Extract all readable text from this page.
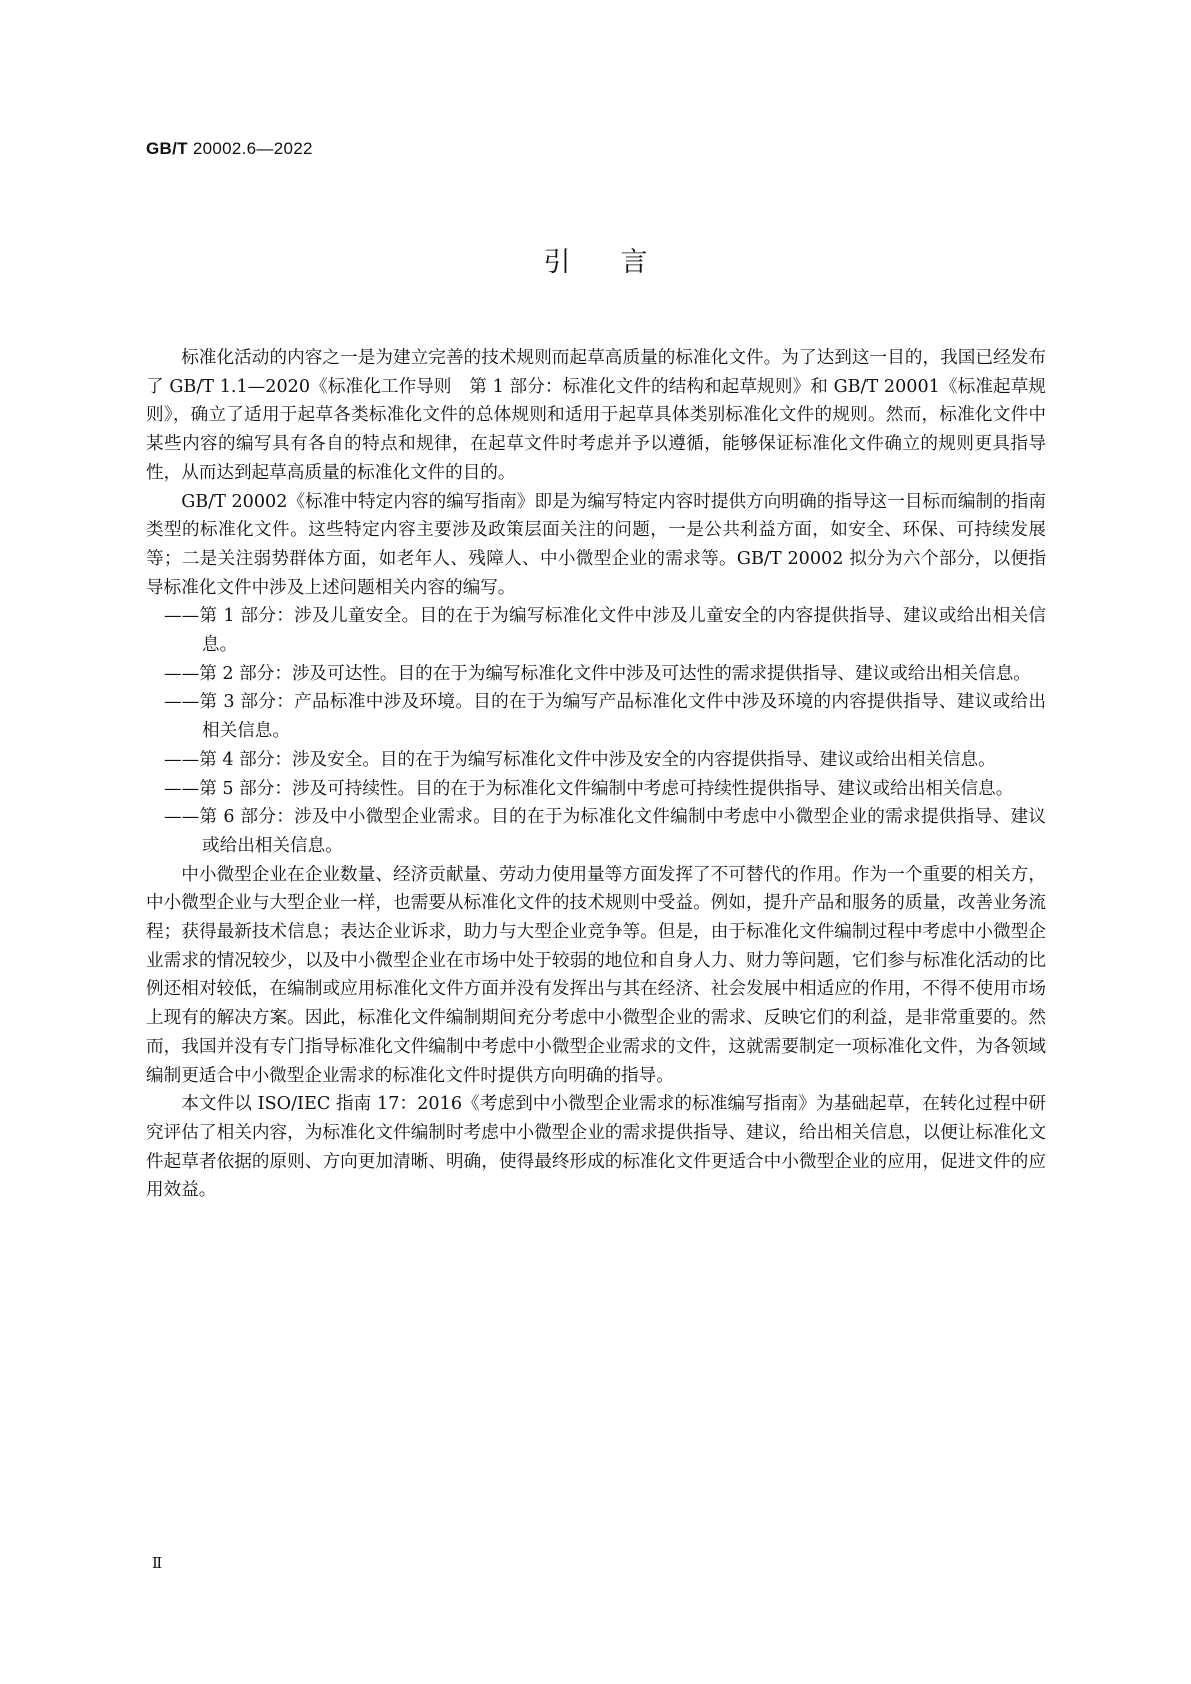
GB/T 20002.6—2022
引言

标准化活动的内容之一是为建立完善的技术规则而起草高质量的标准化文件。为了达到这一目的，我国已经发布了 GB/T 1.1—2020《标准化工作导则　第 1 部分：标准化文件的结构和起草规则》和 GB/T 20001《标准起草规则》，确立了适用于起草各类标准化文件的总体规则和适用于起草具体类别标准化文件的规则。然而，标准化文件中某些内容的编写具有各自的特点和规律，在起草文件时考虑并予以遵循，能够保证标准化文件确立的规则更具指导性，从而达到起草高质量的标准化文件的目的。

GB/T 20002《标准中特定内容的编写指南》即是为编写特定内容时提供方向明确的指导这一目标而编制的指南类型的标准化文件。这些特定内容主要涉及政策层面关注的问题，一是公共利益方面，如安全、环保、可持续发展等；二是关注弱势群体方面，如老年人、残障人、中小微型企业的需求等。GB/T 20002 拟分为六个部分，以便指导标准化文件中涉及上述问题相关内容的编写。

——第 1 部分：涉及儿童安全。目的在于为编写标准化文件中涉及儿童安全的内容提供指导、建议或给出相关信息。
——第 2 部分：涉及可达性。目的在于为编写标准化文件中涉及可达性的需求提供指导、建议或给出相关信息。
——第 3 部分：产品标准中涉及环境。目的在于为编写产品标准化文件中涉及环境的内容提供指导、建议或给出相关信息。
——第 4 部分：涉及安全。目的在于为编写标准化文件中涉及安全的内容提供指导、建议或给出相关信息。
——第 5 部分：涉及可持续性。目的在于为标准化文件编制中考虑可持续性提供指导、建议或给出相关信息。
——第 6 部分：涉及中小微型企业需求。目的在于为标准化文件编制中考虑中小微型企业的需求提供指导、建议或给出相关信息。

中小微型企业在企业数量、经济贡献量、劳动力使用量等方面发挥了不可替代的作用。作为一个重要的相关方，中小微型企业与大型企业一样，也需要从标准化文件的技术规则中受益。例如，提升产品和服务的质量，改善业务流程；获得最新技术信息；表达企业诉求，助力与大型企业竞争等。但是，由于标准化文件编制过程中考虑中小微型企业需求的情况较少，以及中小微型企业在市场中处于较弱的地位和自身人力、财力等问题，它们参与标准化活动的比例还相对较低，在编制或应用标准化文件方面并没有发挥出与其在经济、社会发展中相适应的作用，不得不使用市场上现有的解决方案。因此，标准化文件编制期间充分考虑中小微型企业的需求、反映它们的利益，是非常重要的。然而，我国并没有专门指导标准化文件编制中考虑中小微型企业需求的文件，这就需要制定一项标准化文件，为各领域编制更适合中小微型企业需求的标准化文件时提供方向明确的指导。

本文件以 ISO/IEC 指南 17：2016《考虑到中小微型企业需求的标准编写指南》为基础起草，在转化过程中研究评估了相关内容，为标准化文件编制时考虑中小微型企业的需求提供指导、建议，给出相关信息，以便让标准化文件起草者依据的原则、方向更加清晰、明确，使得最终形成的标准化文件更适合中小微型企业的应用，促进文件的应用效益。

Ⅱ
